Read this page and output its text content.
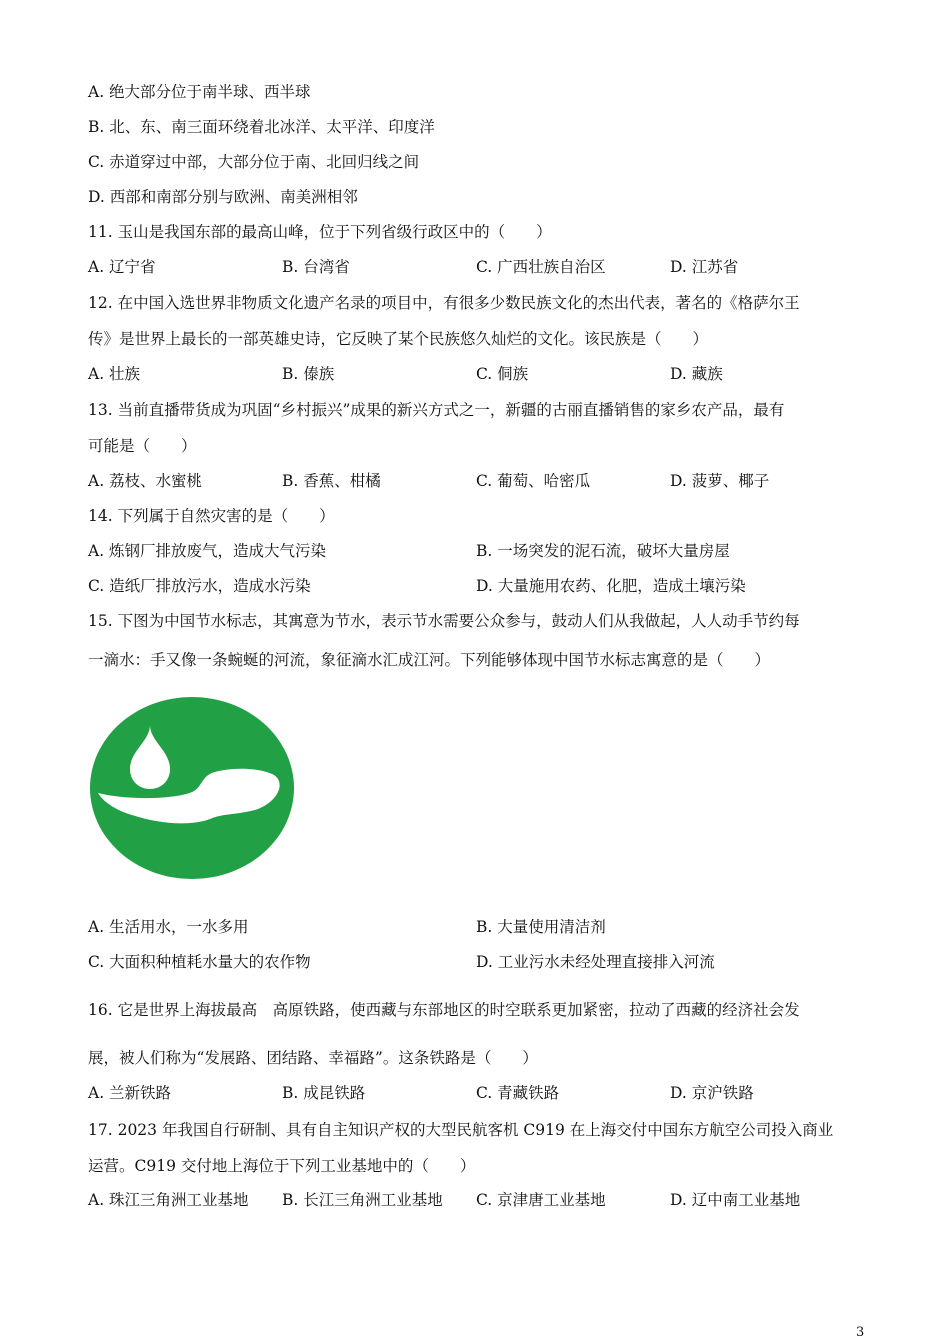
A. 绝大部分位于南半球、西半球
B. 北、东、南三面环绕着北冰洋、太平洋、印度洋
C. 赤道穿过中部，大部分位于南、北回归线之间
D. 西部和南部分别与欧洲、南美洲相邻
11. 玉山是我国东部的最高山峰，位于下列省级行政区中的（　　）
A. 辽宁省	B. 台湾省	C. 广西壮族自治区	D. 江苏省
12. 在中国入选世界非物质文化遗产名录的项目中，有很多少数民族文化的杰出代表，著名的《格萨尔王
传》是世界上最长的一部英雄史诗，它反映了某个民族悠久灿烂的文化。该民族是（　　）
A. 壮族	B. 傣族	C. 侗族	D. 藏族
13. 当前直播带货成为巩固“乡村振兴”成果的新兴方式之一，新疆的古丽直播销售的家乡农产品，最有
可能是（　　）
A. 荔枝、水蜜桃	B. 香蕉、柑橘	C. 葡萄、哈密瓜	D. 菠萝、椰子
14. 下列属于自然灾害的是（　　）
A. 炼钢厂排放废气，造成大气污染	B. 一场突发的泥石流，破坏大量房屋
C. 造纸厂排放污水，造成水污染	D. 大量施用农药、化肥，造成土壤污染
15. 下图为中国节水标志，其寓意为节水，表示节水需要公众参与，鼓动人们从我做起，人人动手节约每
一滴水：手又像一条蜿蜒的河流，象征滴水汇成江河。下列能够体现中国节水标志寓意的是（　　）
A. 生活用水，一水多用	B. 大量使用清洁剂
C. 大面积种植耗水量大的农作物	D. 工业污水未经处理直接排入河流
16. 它是世界上海拔最高　高原铁路，使西藏与东部地区的时空联系更加紧密，拉动了西藏的经济社会发
展，被人们称为“发展路、团结路、幸福路”。这条铁路是（　　）
A. 兰新铁路	B. 成昆铁路	C. 青藏铁路	D. 京沪铁路
17. 2023 年我国自行研制、具有自主知识产权的大型民航客机 C919 在上海交付中国东方航空公司投入商业
运营。C919 交付地上海位于下列工业基地中的（　　）
A. 珠江三角洲工业基地 B. 长江三角洲工业基地 C. 京津唐工业基地	D. 辽中南工业基地
3
